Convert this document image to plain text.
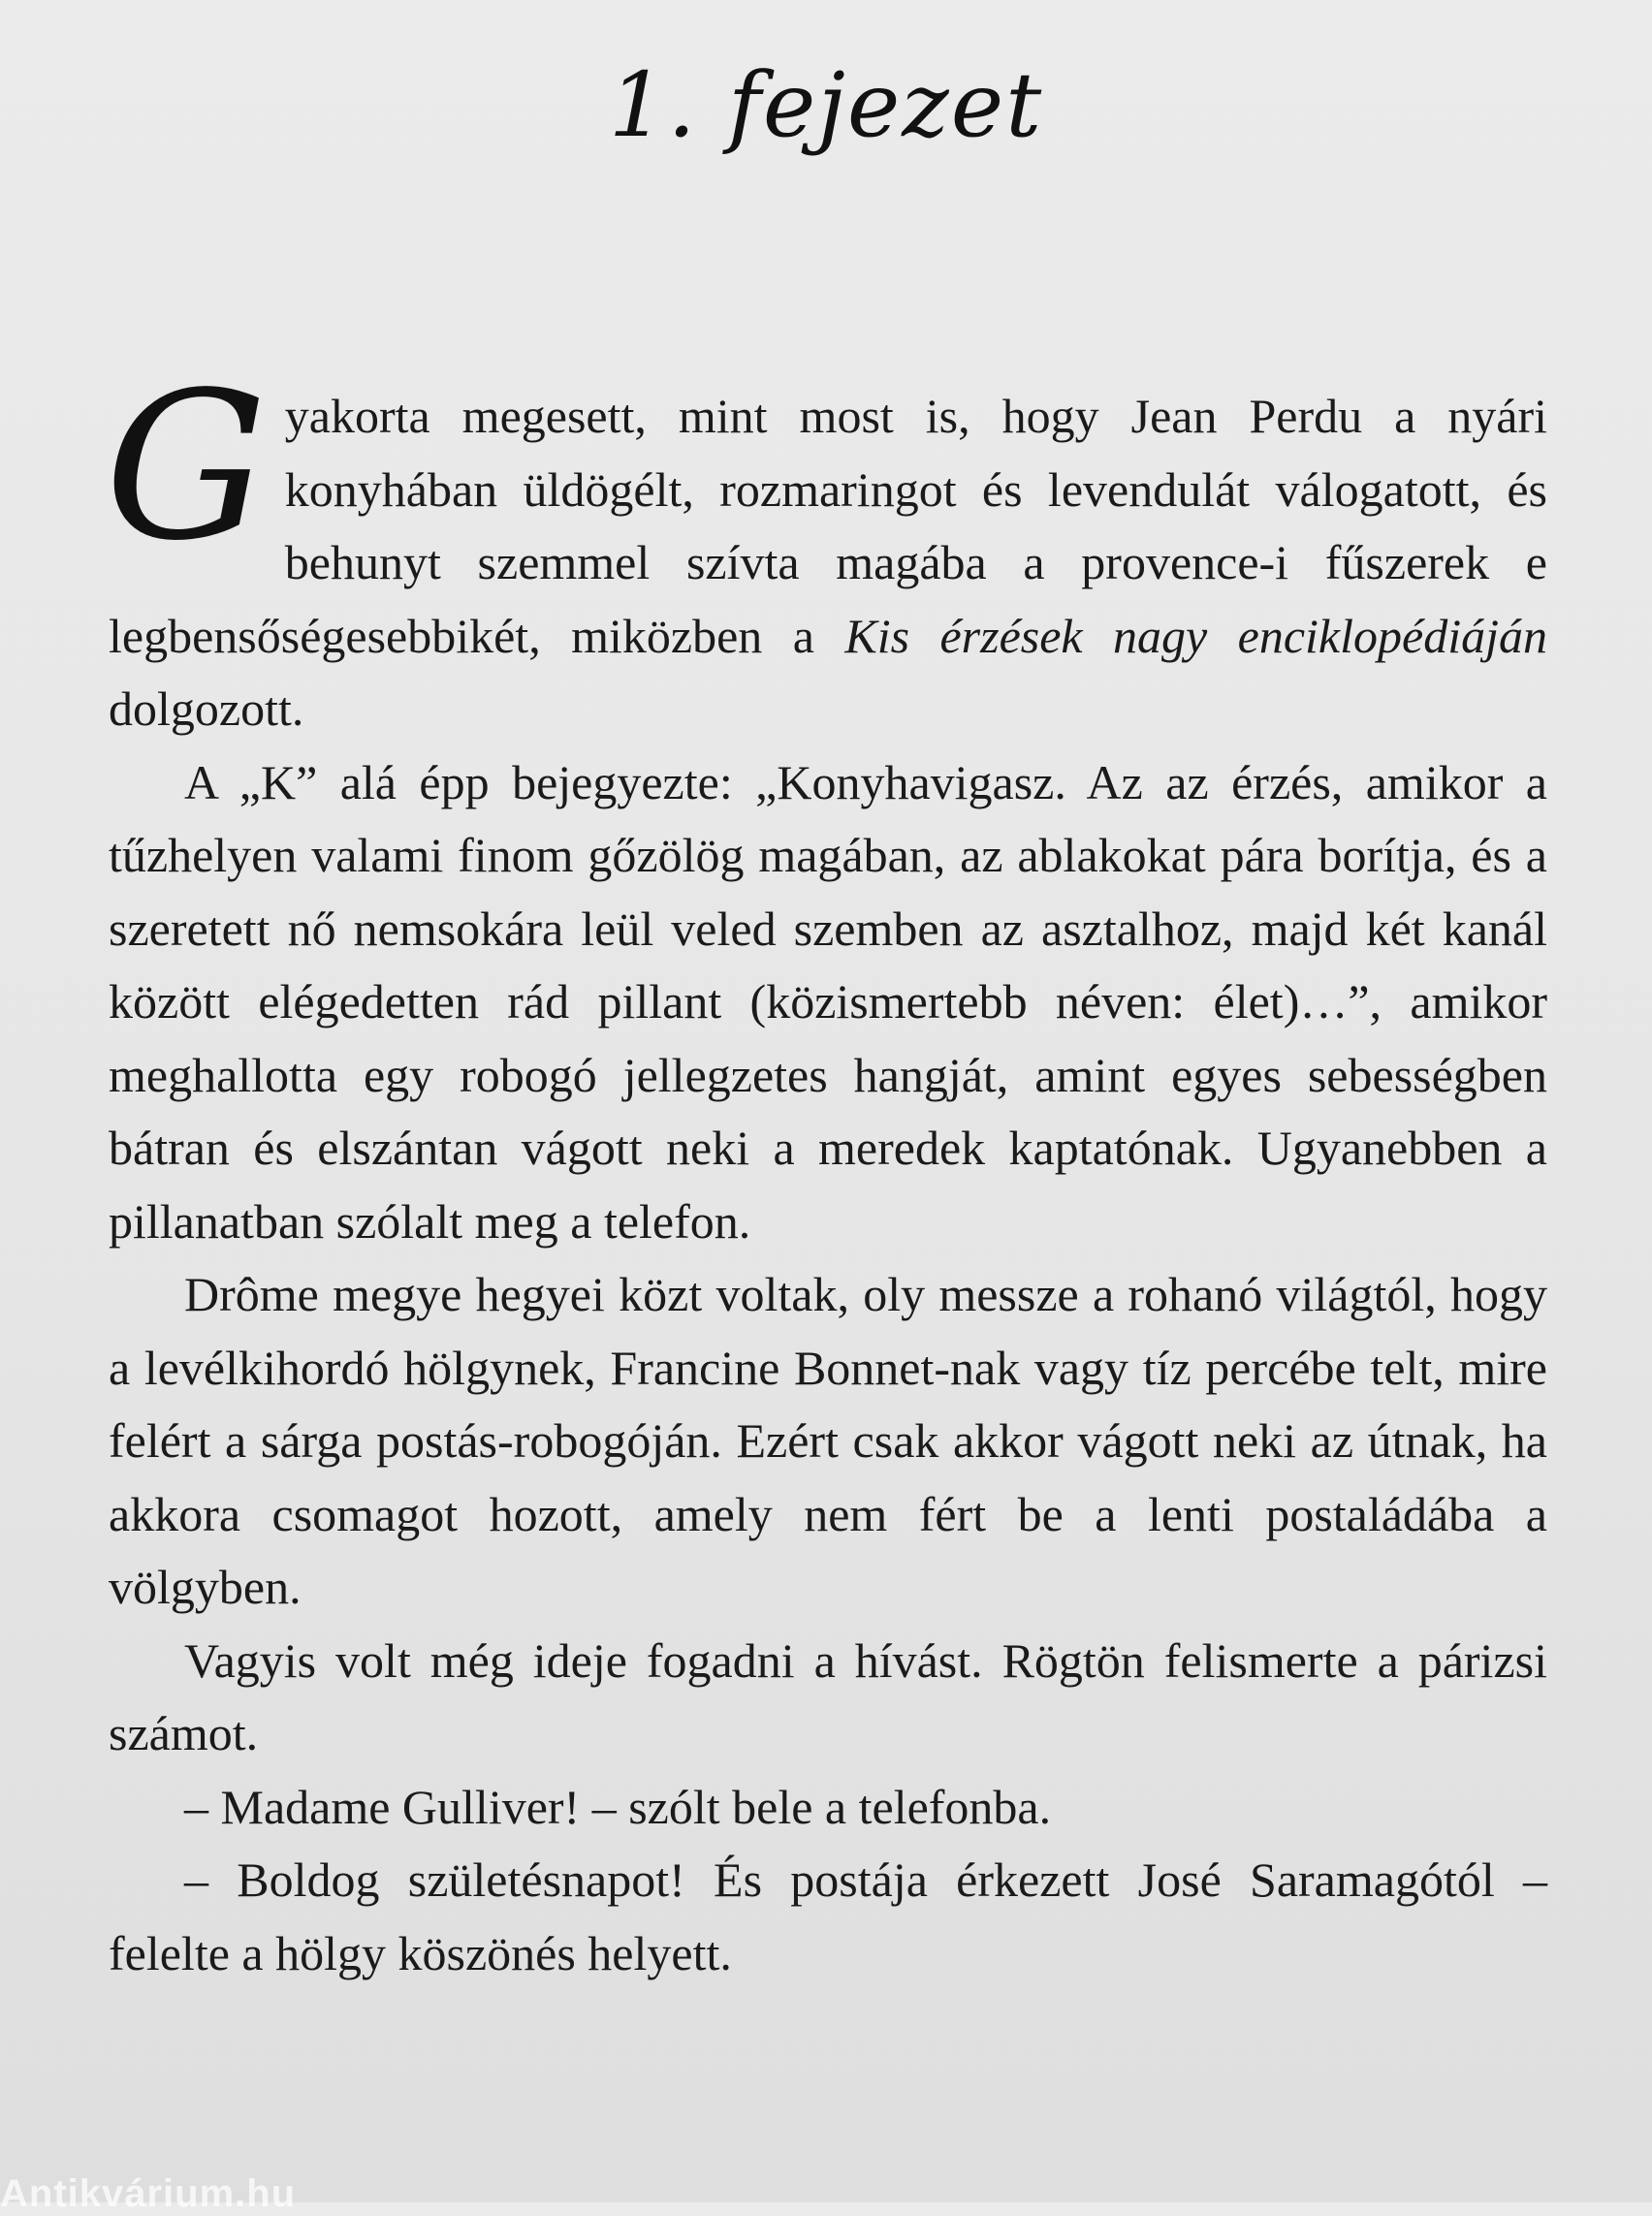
1. fejezet

Gyakorta megesett, mint most is, hogy Jean Perdu a nyári konyhában üldögélt, rozmaringot és levendulát válogatott, és behunyt szemmel szívta magába a provence-i fűszerek e legbensőségesebbikét, miközben a Kis érzések nagy enciklopédiáján dolgozott.

A „K” alá épp bejegyezte: „Konyhavigasz. Az az érzés, amikor a tűzhelyen valami finom gőzölög magában, az ablakokat pára borítja, és a szeretett nő nemsokára leül veled szemben az asztalhoz, majd két kanál között elégedetten rád pillant (közismertebb néven: élet)…”, amikor meghallotta egy robogó jellegzetes hangját, amint egyes sebességben bátran és elszántan vágott neki a meredek kaptatónak. Ugyanebben a pillanatban szólalt meg a telefon.

Drôme megye hegyei közt voltak, oly messze a rohanó világtól, hogy a levélkihordó hölgynek, Francine Bonnet-nak vagy tíz percébe telt, mire felért a sárga postás-robogóján. Ezért csak akkor vágott neki az útnak, ha akkora csomagot hozott, amely nem fért be a lenti postaládába a völgyben.

Vagyis volt még ideje fogadni a hívást. Rögtön felismerte a párizsi számot.

– Madame Gulliver! – szólt bele a telefonba.

– Boldog születésnapot! És postája érkezett José Saramagótól – felelte a hölgy köszönés helyett.

Antikvárium.hu
